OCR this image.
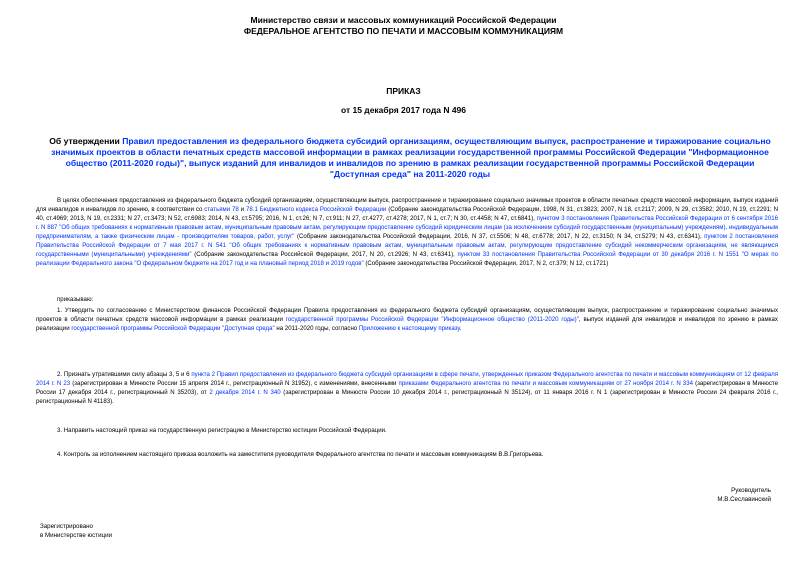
Министерство связи и массовых коммуникаций Российской Федерации
ФЕДЕРАЛЬНОЕ АГЕНТСТВО ПО ПЕЧАТИ И МАССОВЫМ КОММУНИКАЦИЯМ
ПРИКАЗ
от 15 декабря 2017 года N 496
Об утверждении Правил предоставления из федерального бюджета субсидий организациям, осуществляющим выпуск, распространение и тиражирование социально значимых проектов в области печатных средств массовой информации в рамках реализации государственной программы Российской Федерации "Информационное общество (2011-2020 годы)", выпуск изданий для инвалидов и инвалидов по зрению в рамках реализации государственной программы Российской Федерации "Доступная среда" на 2011-2020 годы
В целях обеспечения предоставления из федерального бюджета субсидий организациям, осуществляющим выпуск, распространение и тиражирование социально значимых проектов в области печатных средств массовой информации, выпуск изданий для инвалидов и инвалидов по зрению, в соответствии со статьями 78 и 78.1 Бюджетного кодекса Российской Федерации (Собрание законодательства Российской Федерации, 1998, N 31, ст.3823; 2007, N 18, ст.2117; 2009, N 29, ст.3582; 2010, N 19, ст.2291; N 40, ст.4969; 2013, N 19, ст.2331; N 27, ст.3473; N 52, ст.6983; 2014, N 43, ст.5795; 2016, N 1, ст.26; N 7, ст.911; N 27, ст.4277, ст.4278; 2017, N 1, ст.7; N 30, ст.4458; N 47, ст.6841), пунктом 3 постановления Правительства Российской Федерации от 6 сентября 2016 г. N 887 "Об общих требованиях к нормативным правовым актам, муниципальным правовым актам, регулирующим предоставление субсидий юридическим лицам (за исключением субсидий государственным (муниципальным) учреждениям), индивидуальным предпринимателям, а также физическим лицам - производителям товаров, работ, услуг" (Собрание законодательства Российской Федерации, 2016, N 37, ст.5506; N 48, ст.6778; 2017, N 22, ст.3150; N 34, ст.5279; N 43, ст.6341), пунктом 2 постановления Правительства Российской Федерации от 7 мая 2017 г. N 541 "Об общих требованиях к нормативным правовым актам, муниципальным правовым актам, регулирующим предоставление субсидий некоммерческим организациям, не являющимся государственными (муниципальными) учреждениями" (Собрание законодательства Российской Федерации, 2017, N 20, ст.2926; N 43, ст.6341), пунктом 33 постановления Правительства Российской Федерации от 30 декабря 2016 г. N 1551 "О мерах по реализации Федерального закона "О федеральном бюджете на 2017 год и на плановый период 2018 и 2019 годов" (Собрание законодательства Российской Федерации, 2017, N 2, ст.379; N 12, ст.1721)
приказываю:
1. Утвердить по согласованию с Министерством финансов Российской Федерации Правила предоставления из федерального бюджета субсидий организациям, осуществляющим выпуск, распространение и тиражирование социально значимых проектов в области печатных средств массовой информации в рамках реализации государственной программы Российской Федерации "Информационное общество (2011-2020 годы)", выпуск изданий для инвалидов и инвалидов по зрению в рамках реализации государственной программы Российской Федерации "Доступная среда" на 2011-2020 годы, согласно Приложению к настоящему приказу.
2. Признать утратившими силу абзацы 3, 5 и 6 пункта 2 Правил предоставления из федерального бюджета субсидий организациям в сфере печати, утвержденных приказом Федерального агентства по печати и массовым коммуникациям от 12 февраля 2014 г. N 23 (зарегистрирован в Минюсте России 15 апреля 2014 г., регистрационный N 31952), с изменениями, внесенными приказами Федерального агентства по печати и массовым коммуникациям от 27 ноября 2014 г. N 334 (зарегистрирован в Минюсте России 17 декабря 2014 г., регистрационный N 35203), от 2 декабря 2014 г. N 340 (зарегистрирован в Минюсте России 10 декабря 2014 г., регистрационный N 35124), от 11 января 2016 г. N 1 (зарегистрирован в Минюсте России 24 февраля 2016 г., регистрационный N 41183).
3. Направить настоящий приказ на государственную регистрацию в Министерство юстиции Российской Федерации.
4. Контроль за исполнением настоящего приказа возложить на заместителя руководителя Федерального агентства по печати и массовым коммуникациям В.В.Григорьева.
Руководитель
М.В.Сеславинский
Зарегистрировано
в Министерстве юстиции
